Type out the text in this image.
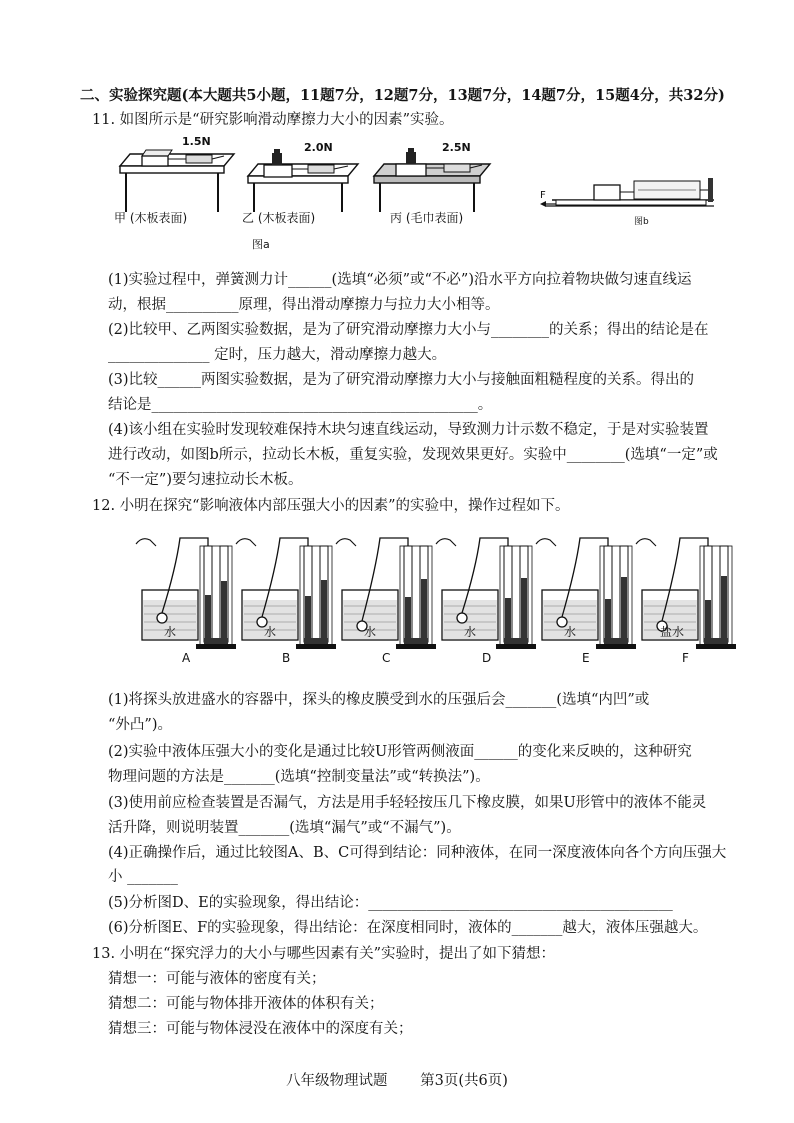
二、实验探究题(本大题共5小题，11题7分，12题7分，13题7分，14题7分，15题4分，共32分)
11. 如图所示是“研究影响滑动摩擦力大小的因素”实验。
1.5N
甲 (木板表面)
2.0N
乙 (木板表面)
2.5N
丙 (毛巾表面)
图a
F
图b
(1)实验过程中，弹簧测力计______(选填“必须”或“不必”)沿水平方向拉着物块做匀速直线运
动，根据__________原理，得出滑动摩擦力与拉力大小相等。
(2)比较甲、乙两图实验数据，是为了研究滑动摩擦力大小与________的关系；得出的结论是在
______________ 定时，压力越大，滑动摩擦力越大。
(3)比较______两图实验数据，是为了研究滑动摩擦力大小与接触面粗糙程度的关系。得出的
结论是_____________________________________________。
(4)该小组在实验时发现较难保持木块匀速直线运动，导致测力计示数不稳定，于是对实验装置
进行改动，如图b所示，拉动长木板，重复实验，发现效果更好。实验中________(选填“一定”或
“不一定”)要匀速拉动长木板。
12. 小明在探究“影响液体内部压强大小的因素”的实验中，操作过程如下。
水
A
水
B
水
C
水
D
水
E
盐水
F
(1)将探头放进盛水的容器中，探头的橡皮膜受到水的压强后会_______(选填“内凹”或
“外凸”)。
(2)实验中液体压强大小的变化是通过比较U形管两侧液面______的变化来反映的，这种研究
物理问题的方法是_______(选填“控制变量法”或“转换法”)。
(3)使用前应检查装置是否漏气，方法是用手轻轻按压几下橡皮膜，如果U形管中的液体不能灵
活升降，则说明装置_______(选填“漏气”或“不漏气”)。
(4)正确操作后，通过比较图A、B、C可得到结论：同种液体，在同一深度液体向各个方向压强大
小 _______
(5)分析图D、E的实验现象，得出结论：__________________________________________
(6)分析图E、F的实验现象，得出结论：在深度相同时，液体的_______越大，液体压强越大。
13. 小明在“探究浮力的大小与哪些因素有关”实验时，提出了如下猜想：
猜想一：可能与液体的密度有关；
猜想二：可能与物体排开液体的体积有关；
猜想三：可能与物体浸没在液体中的深度有关；
八年级物理试题 第3页(共6页)
